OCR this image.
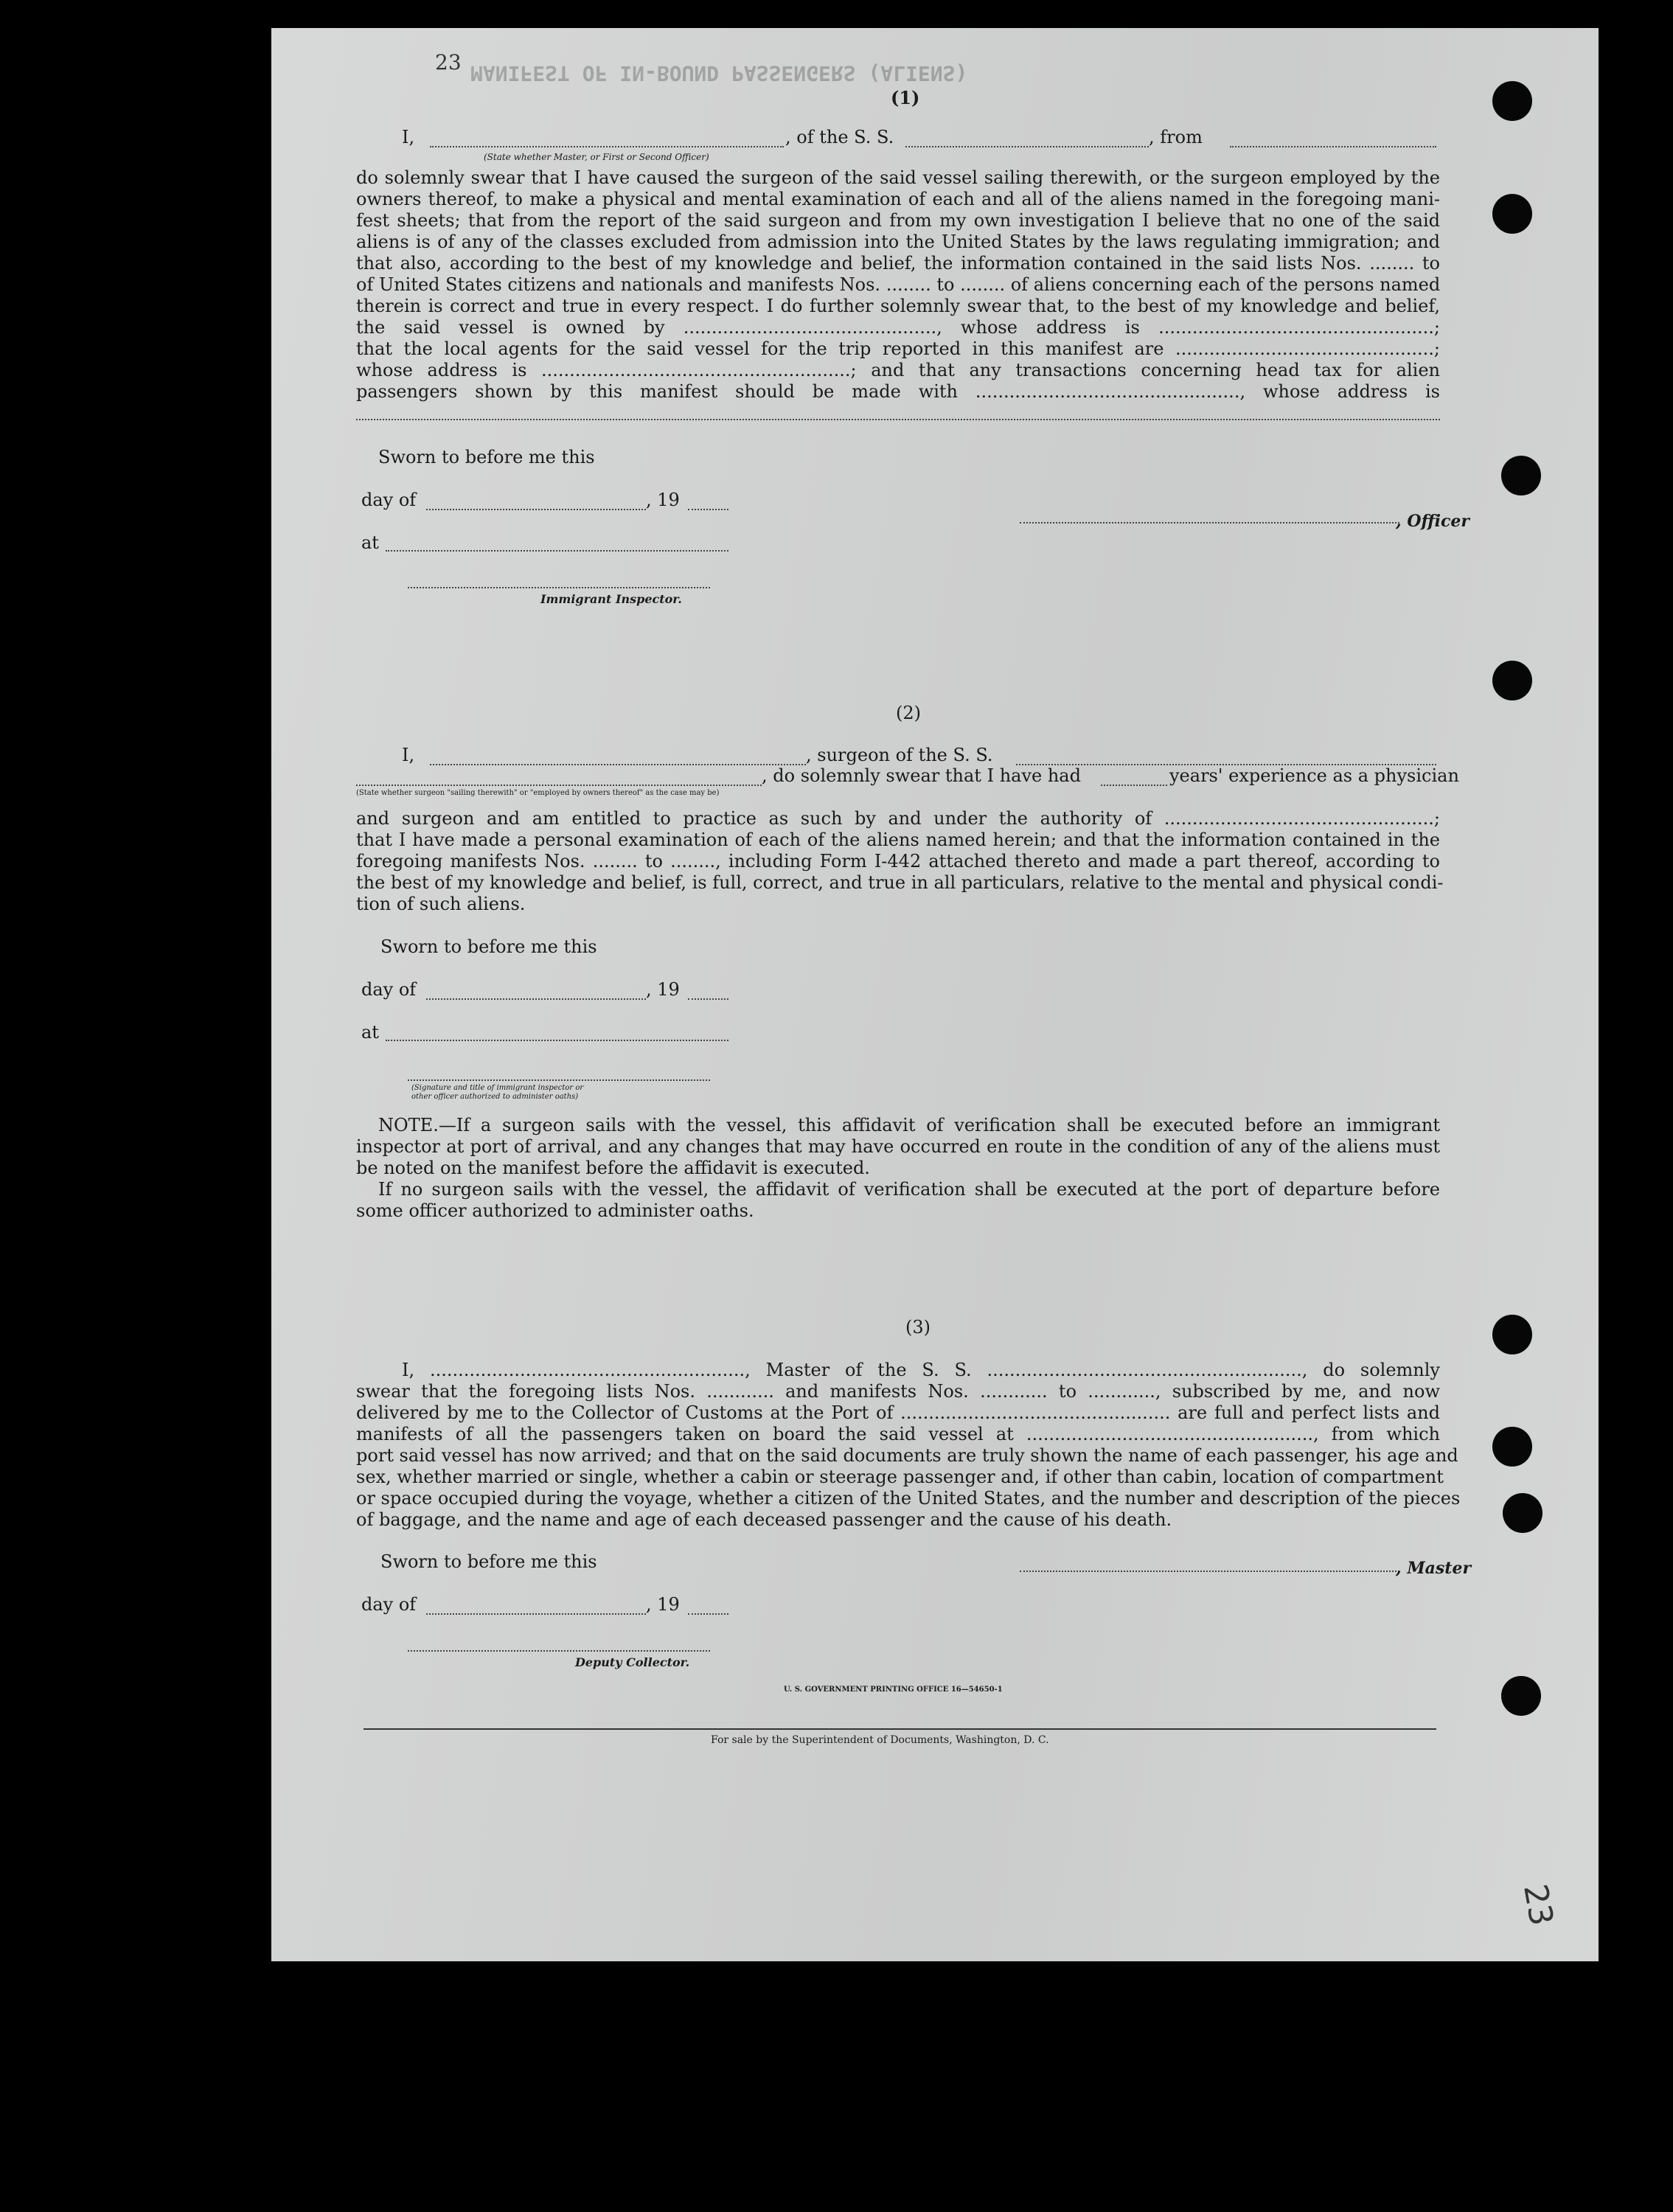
MANIFEST OF IN-BOUND PASSENGERS (ALIENS)
23
(1)
I,	, of the S. S.	, from
(State whether Master, or First or Second Officer)
do solemnly swear that I have caused the surgeon of the said vessel sailing therewith, or the surgeon employed by the
owners thereof, to make a physical and mental examination of each and all of the aliens named in the foregoing mani-
fest sheets; that from the report of the said surgeon and from my own investigation I believe that no one of the said
aliens is of any of the classes excluded from admission into the United States by the laws regulating immigration; and
that also, according to the best of my knowledge and belief, the information contained in the said lists Nos. ........ to
of United States citizens and nationals and manifests Nos. ........ to ........ of aliens concerning each of the persons named
therein is correct and true in every respect. I do further solemnly swear that, to the best of my knowledge and belief,
the said vessel is owned by ............................................., whose address is .................................................;
that the local agents for the said vessel for the trip reported in this manifest are ..............................................;
whose address is .......................................................; and that any transactions concerning head tax for alien
passengers shown by this manifest should be made with ..............................................., whose address is
Sworn to before me this
day of	, 19
, Officer
at
Immigrant Inspector.
(2)
I,	, surgeon of the S. S.
, do solemnly swear that I have had	years' experience as a physician
(State whether surgeon "sailing therewith" or "employed by owners thereof" as the case may be)
and surgeon and am entitled to practice as such by and under the authority of ................................................;
that I have made a personal examination of each of the aliens named herein; and that the information contained in the
foregoing manifests Nos. ........ to ........, including Form I-442 attached thereto and made a part thereof, according to
the best of my knowledge and belief, is full, correct, and true in all particulars, relative to the mental and physical condi-
tion of such aliens.
Sworn to before me this
day of	, 19
at
(Signature and title of immigrant inspector or
other officer authorized to administer oaths)
NOTE.—If a surgeon sails with the vessel, this affidavit of verification shall be executed before an immigrant
inspector at port of arrival, and any changes that may have occurred en route in the condition of any of the aliens must
be noted on the manifest before the affidavit is executed.
If no surgeon sails with the vessel, the affidavit of verification shall be executed at the port of departure before
some officer authorized to administer oaths.
(3)
I, ........................................................, Master of the S. S. ........................................................, do solemnly
swear that the foregoing lists Nos. ............ and manifests Nos. ............ to ............, subscribed by me, and now
delivered by me to the Collector of Customs at the Port of ................................................ are full and perfect lists and
manifests of all the passengers taken on board the said vessel at ..................................................., from which
port said vessel has now arrived; and that on the said documents are truly shown the name of each passenger, his age and
sex, whether married or single, whether a cabin or steerage passenger and, if other than cabin, location of compartment
or space occupied during the voyage, whether a citizen of the United States, and the number and description of the pieces
of baggage, and the name and age of each deceased passenger and the cause of his death.
Sworn to before me this	, Master
day of	, 19
Deputy Collector.
U. S. GOVERNMENT PRINTING OFFICE 16—54650-1
For sale by the Superintendent of Documents, Washington, D. C.
23
